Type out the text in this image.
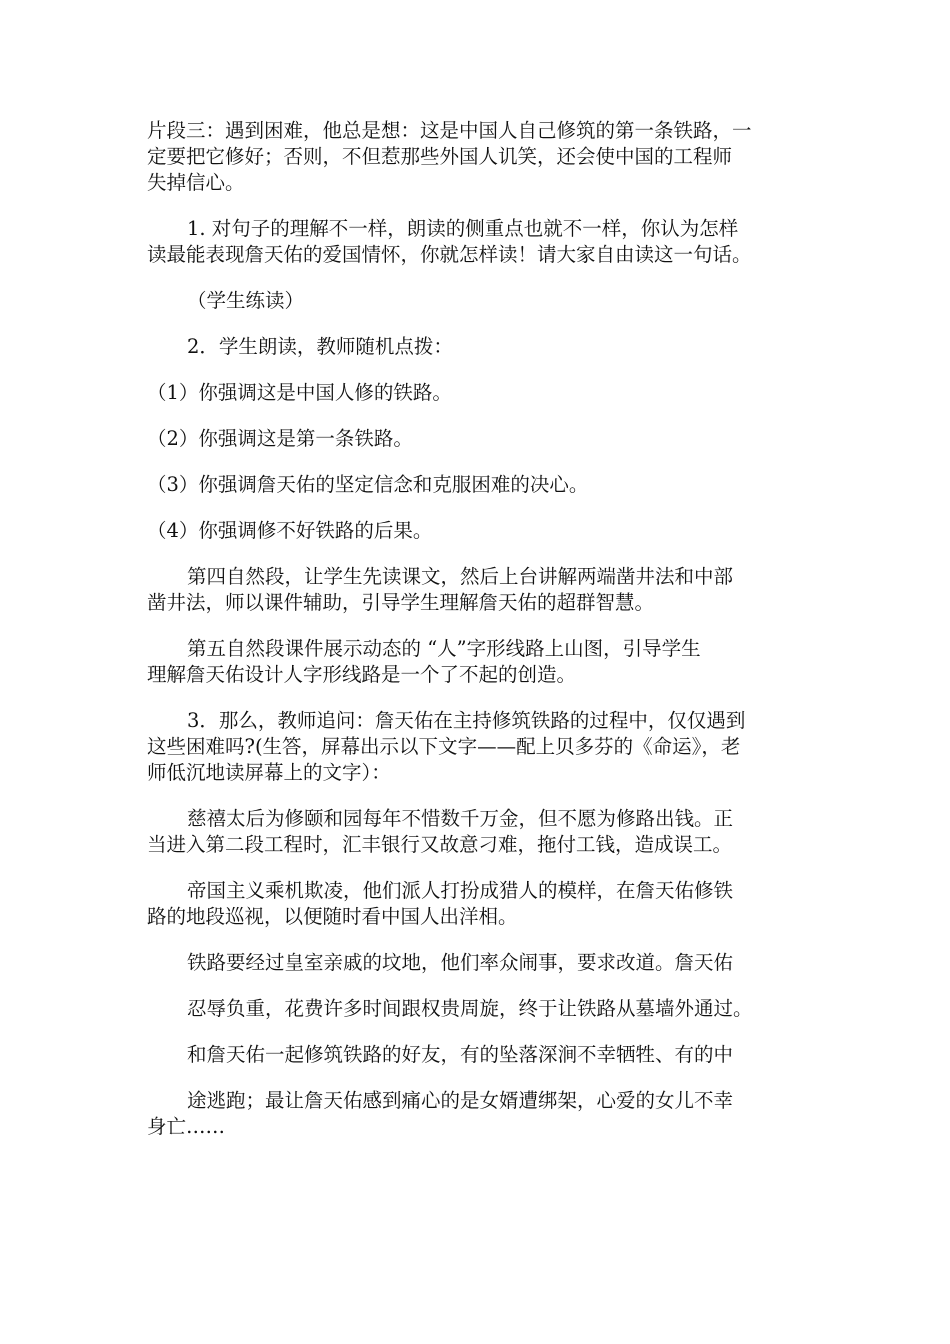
片段三：遇到困难，他总是想：这是中国人自己修筑的第一条铁路，一
定要把它修好；否则，不但惹那些外国人讥笑，还会使中国的工程师
失掉信心。

1. 对句子的理解不一样，朗读的侧重点也就不一样，你认为怎样
读最能表现詹天佑的爱国情怀，你就怎样读！请大家自由读这一句话。

（学生练读）

2．学生朗读，教师随机点拨：

（1）你强调这是中国人修的铁路。

（2）你强调这是第一条铁路。

（3）你强调詹天佑的坚定信念和克服困难的决心。

（4）你强调修不好铁路的后果。

第四自然段，让学生先读课文，然后上台讲解两端凿井法和中部
凿井法，师以课件辅助，引导学生理解詹天佑的超群智慧。

第五自然段课件展示动态的 “人”字形线路上山图，引导学生
理解詹天佑设计人字形线路是一个了不起的创造。

3．那么，教师追问：詹天佑在主持修筑铁路的过程中，仅仅遇到
这些困难吗?(生答，屏幕出示以下文字——配上贝多芬的《命运》，老
师低沉地读屏幕上的文字）：

慈禧太后为修颐和园每年不惜数千万金，但不愿为修路出钱。正
当进入第二段工程时，汇丰银行又故意刁难，拖付工钱，造成误工。

帝国主义乘机欺凌，他们派人打扮成猎人的模样，在詹天佑修铁
路的地段巡视，以便随时看中国人出洋相。

铁路要经过皇室亲戚的坟地，他们率众闹事，要求改道。詹天佑

忍辱负重，花费许多时间跟权贵周旋，终于让铁路从墓墙外通过。

和詹天佑一起修筑铁路的好友，有的坠落深涧不幸牺牲、有的中

途逃跑；最让詹天佑感到痛心的是女婿遭绑架，心爱的女儿不幸
身亡……
